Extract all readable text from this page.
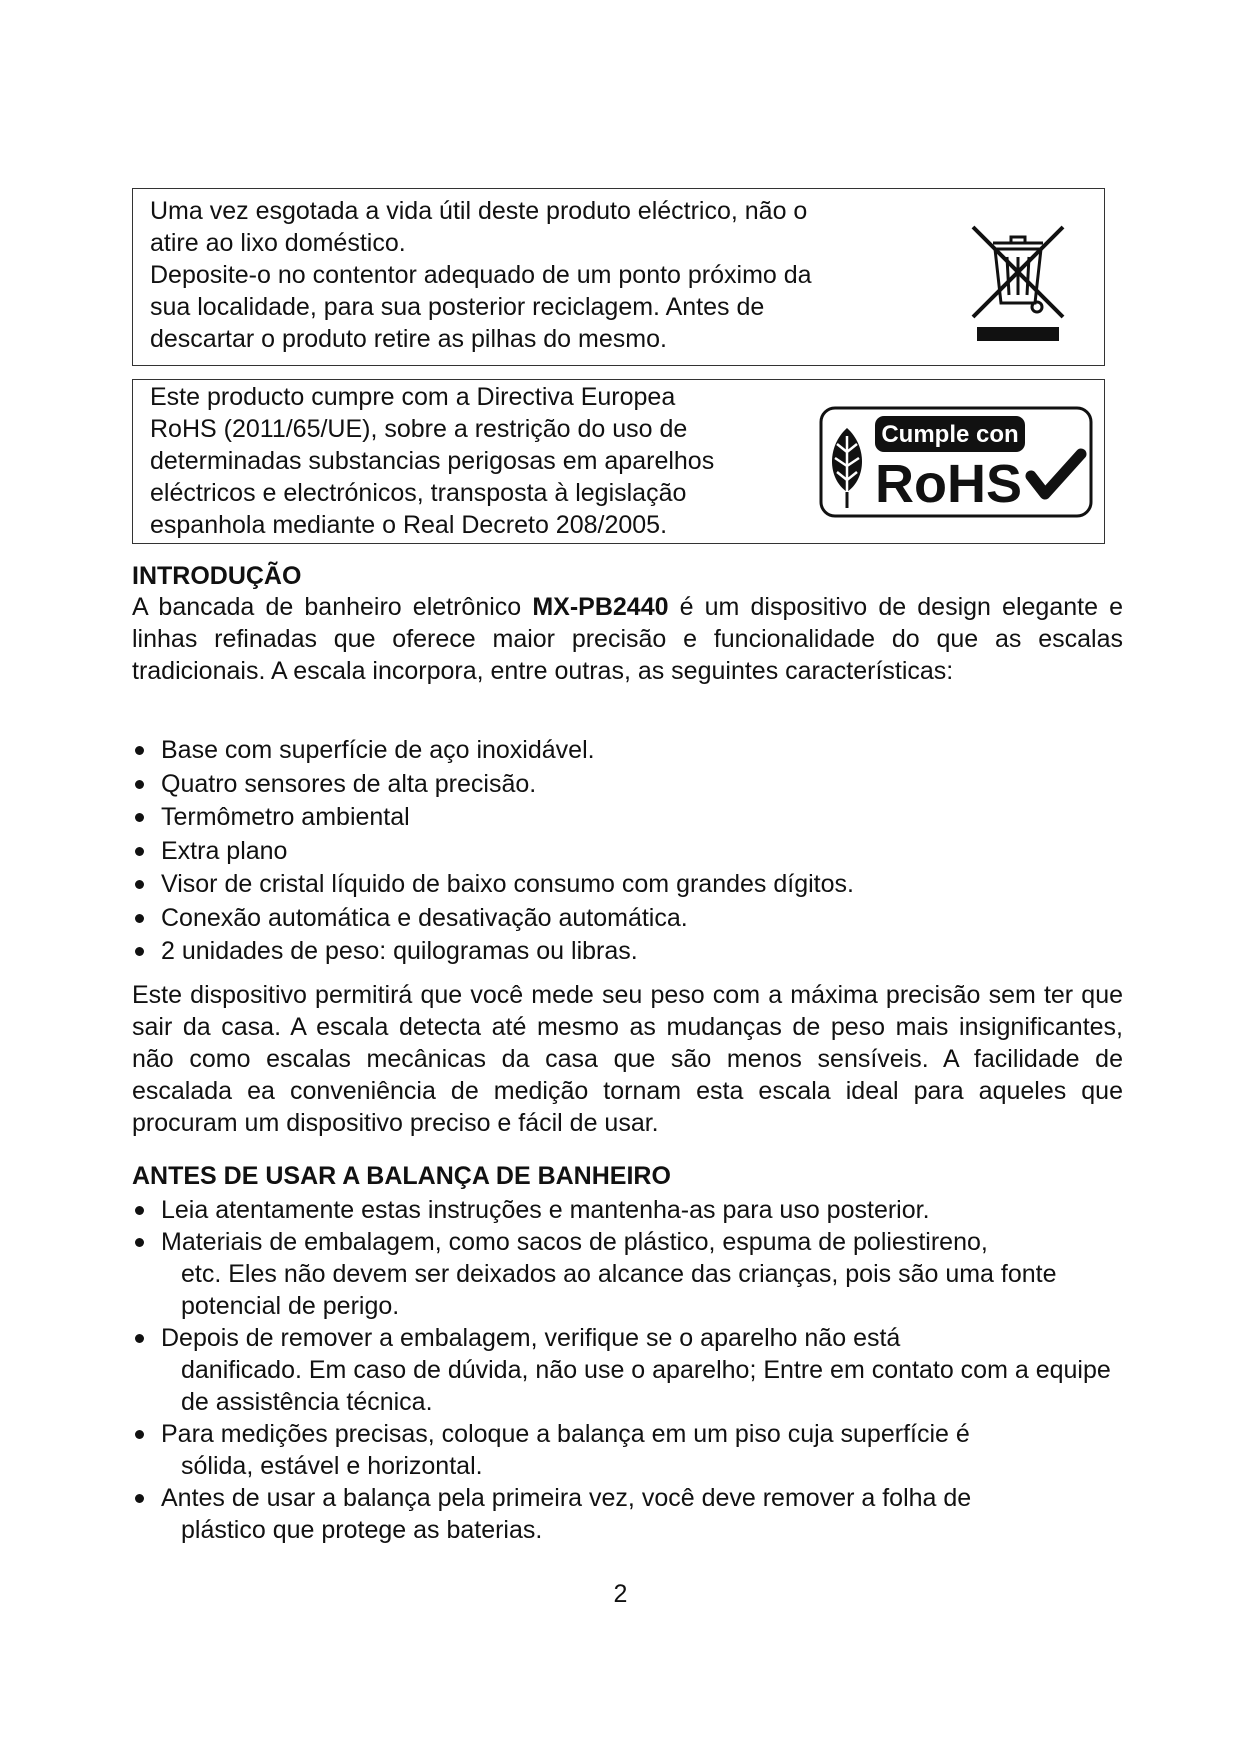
Uma vez esgotada a vida útil deste produto eléctrico, não o
atire ao lixo doméstico.
Deposite-o no contentor adequado de um ponto próximo da
sua localidade, para sua posterior reciclagem. Antes de
descartar o produto retire as pilhas do mesmo.
Este producto cumpre com a Directiva Europea
RoHS (2011/65/UE), sobre a restrição do uso de
determinadas substancias perigosas em aparelhos
eléctricos e electrónicos, transposta à legislação
espanhola mediante o Real Decreto 208/2005.
Cumple con
RoHS
INTRODUÇÃO

A bancada de banheiro eletrônico MX-PB2440 é um dispositivo de design elegante e linhas refinadas que oferece maior precisão e funcionalidade do que as escalas tradicionais. A escala incorpora, entre outras, as seguintes características:

Base com superfície de aço inoxidável.
Quatro sensores de alta precisão.
Termômetro ambiental
Extra plano
Visor de cristal líquido de baixo consumo com grandes dígitos.
Conexão automática e desativação automática.
2 unidades de peso: quilogramas ou libras.

Este dispositivo permitirá que você mede seu peso com a máxima precisão sem ter que sair da casa. A escala detecta até mesmo as mudanças de peso mais insignificantes, não como escalas mecânicas da casa que são menos sensíveis. A facilidade de escalada ea conveniência de medição tornam esta escala ideal para aqueles que procuram um dispositivo preciso e fácil de usar.

ANTES DE USAR A BALANÇA DE BANHEIRO
Leia atentamente estas instruções e mantenha-as para uso posterior.
Materiais de embalagem, como sacos de plástico, espuma de poliestireno,
etc. Eles não devem ser deixados ao alcance das crianças, pois são uma fonte potencial de perigo.
Depois de remover a embalagem, verifique se o aparelho não está
danificado. Em caso de dúvida, não use o aparelho; Entre em contato com a equipe de assistência técnica.
Para medições precisas, coloque a balança em um piso cuja superfície é
sólida, estável e horizontal.
Antes de usar a balança pela primeira vez, você deve remover a folha de
plástico que protege as baterias.
2
